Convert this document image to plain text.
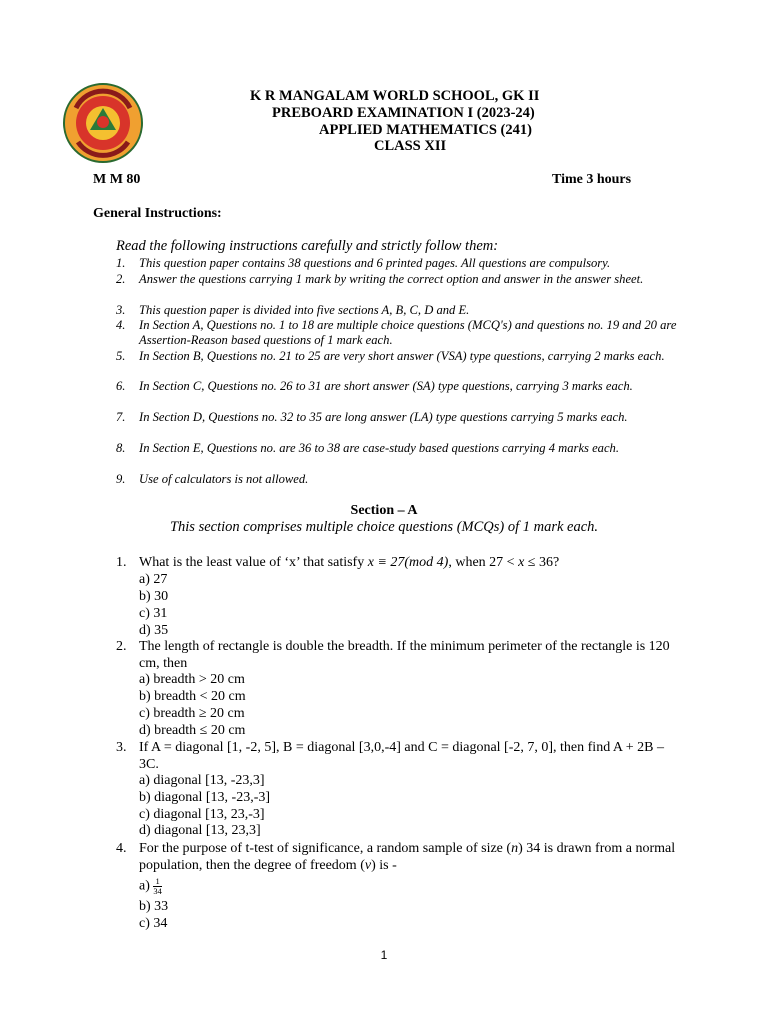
K R MANGALAM WORLD SCHOOL, GK II
PREBOARD EXAMINATION I (2023-24)
APPLIED MATHEMATICS (241)
CLASS XII
M M 80	Time 3 hours
General Instructions:
Read the following instructions carefully and strictly follow them:
1.	This question paper contains 38 questions and 6 printed pages. All questions are compulsory.
2.	Answer the questions carrying 1 mark by writing the correct option and answer in the answer sheet.
3.	This question paper is divided into five sections A, B, C, D and E.
4.	In Section A, Questions no. 1 to 18 are multiple choice questions (MCQ's) and questions no. 19 and 20 are Assertion-Reason based questions of 1 mark each.
5.	In Section B, Questions no. 21 to 25 are very short answer (VSA) type questions, carrying 2 marks each.
6.	In Section C, Questions no. 26 to 31 are short answer (SA) type questions, carrying 3 marks each.
7.	In Section D, Questions no. 32 to 35 are long answer (LA) type questions carrying 5 marks each.
8.	In Section E, Questions no. are 36 to 38 are case-study based questions carrying 4 marks each.
9.	Use of calculators is not allowed.
Section – A
This section comprises multiple choice questions (MCQs) of 1 mark each.
1. What is the least value of ‘x’ that satisfy x ≡ 27(mod 4), when 27 < x ≤ 36?
a) 27
b) 30
c) 31
d) 35
2. The length of rectangle is double the breadth. If the minimum perimeter of the rectangle is 120 cm, then
a) breadth > 20 cm
b) breadth < 20 cm
c) breadth ≥ 20 cm
d) breadth ≤ 20 cm
3. If A = diagonal [1, -2, 5], B = diagonal [3,0,-4] and C = diagonal [-2, 7, 0], then find A + 2B – 3C.
a) diagonal [13, -23,3]
b) diagonal [13, -23,-3]
c) diagonal [13, 23,-3]
d) diagonal [13, 23,3]
4. For the purpose of t-test of significance, a random sample of size (n) 34 is drawn from a normal population, then the degree of freedom (v) is -
$a) \frac{1}{34}$
b) 33
c) 34
1
